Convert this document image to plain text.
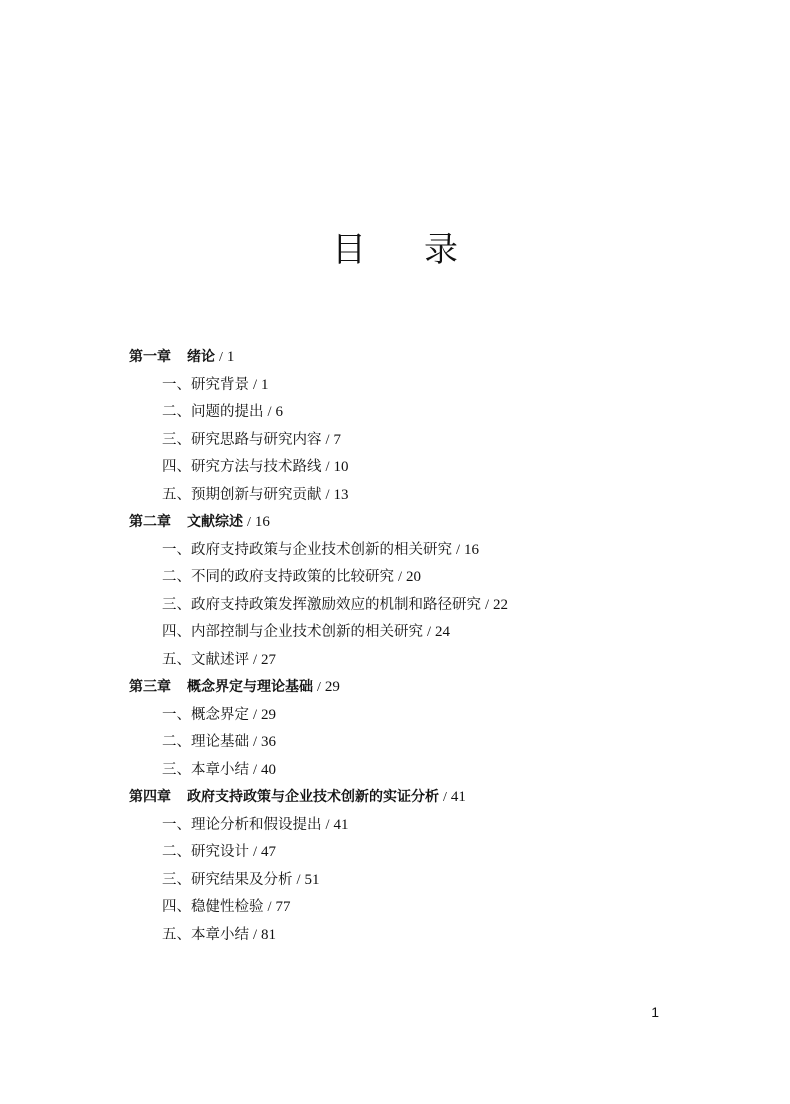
目录
第一章 绪论 / 1
一、研究背景 / 1
二、问题的提出 / 6
三、研究思路与研究内容 / 7
四、研究方法与技术路线 / 10
五、预期创新与研究贡献 / 13
第二章 文献综述 / 16
一、政府支持政策与企业技术创新的相关研究 / 16
二、不同的政府支持政策的比较研究 / 20
三、政府支持政策发挥激励效应的机制和路径研究 / 22
四、内部控制与企业技术创新的相关研究 / 24
五、文献述评 / 27
第三章 概念界定与理论基础 / 29
一、概念界定 / 29
二、理论基础 / 36
三、本章小结 / 40
第四章 政府支持政策与企业技术创新的实证分析 / 41
一、理论分析和假设提出 / 41
二、研究设计 / 47
三、研究结果及分析 / 51
四、稳健性检验 / 77
五、本章小结 / 81
1
